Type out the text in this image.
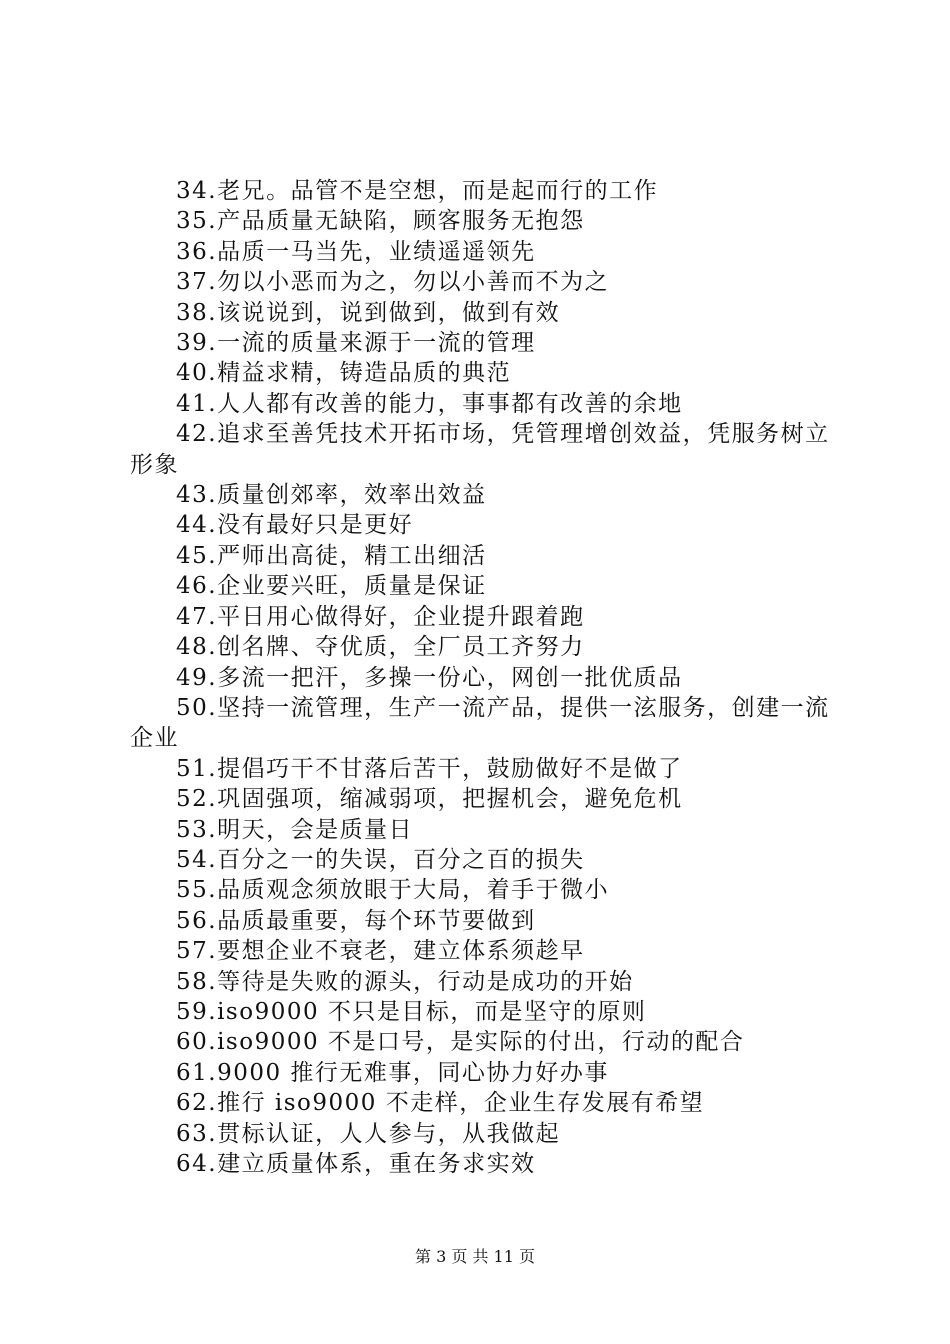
34.老兄。品管不是空想，而是起而行的工作

35.产品质量无缺陷，顾客服务无抱怨

36.品质一马当先，业绩遥遥领先

37.勿以小恶而为之，勿以小善而不为之

38.该说说到，说到做到，做到有效

39.一流的质量来源于一流的管理

40.精益求精，铸造品质的典范

41.人人都有改善的能力，事事都有改善的余地

42.追求至善凭技术开拓市场，凭管理增创效益，凭服务树立形象

43.质量创郊率，效率出效益

44.没有最好只是更好

45.严师出高徒，精工出细活

46.企业要兴旺，质量是保证

47.平日用心做得好，企业提升跟着跑

48.创名牌、夺优质，全厂员工齐努力

49.多流一把汗，多操一份心，网创一批优质品

50.坚持一流管理，生产一流产品，提供一泫服务，创建一流企业

51.提倡巧干不甘落后苦干，鼓励做好不是做了

52.巩固强项，缩减弱项，把握机会，避免危机

53.明天，会是质量日

54.百分之一的失误，百分之百的损失

55.品质观念须放眼于大局，着手于微小

56.品质最重要，每个环节要做到

57.要想企业不衰老，建立体系须趁早

58.等待是失败的源头，行动是成功的开始

59.iso9000 不只是目标，而是坚守的原则

60.iso9000 不是口号，是实际的付出，行动的配合

61.9000 推行无难事，同心协力好办事

62.推行 iso9000 不走样，企业生存发展有希望

63.贯标认证，人人参与，从我做起

64.建立质量体系，重在务求实效

第 3 页 共 11 页
